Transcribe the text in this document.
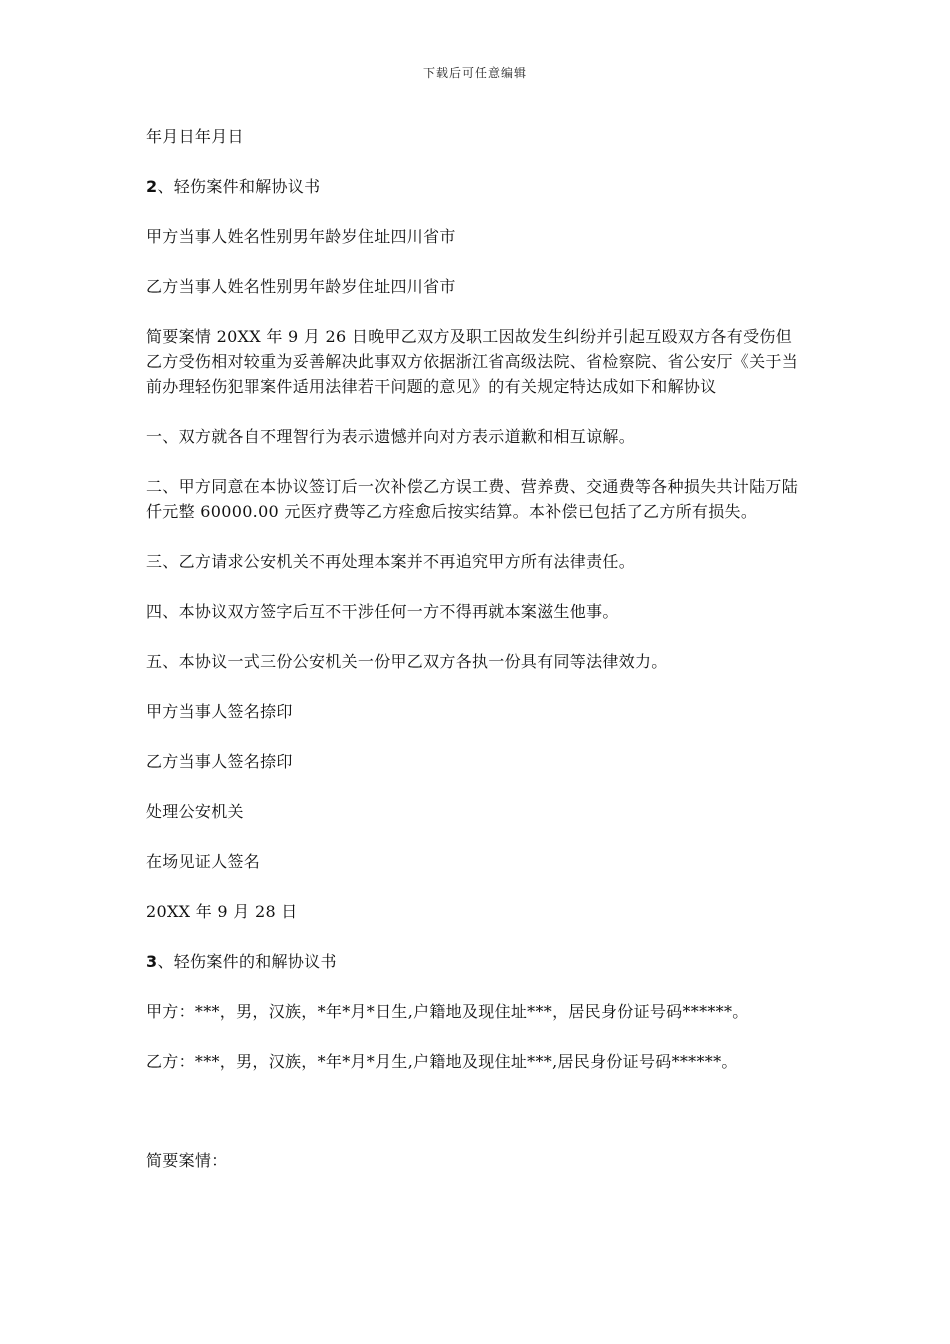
下载后可任意编辑

年月日年月日

2、轻伤案件和解协议书

甲方当事人姓名性别男年龄岁住址四川省市

乙方当事人姓名性别男年龄岁住址四川省市

简要案情 20XX 年 9 月 26 日晚甲乙双方及职工因故发生纠纷并引起互殴双方各有受伤但乙方受伤相对较重为妥善解决此事双方依据浙江省高级法院、省检察院、省公安厅《关于当前办理轻伤犯罪案件适用法律若干问题的意见》的有关规定特达成如下和解协议

一、双方就各自不理智行为表示遗憾并向对方表示道歉和相互谅解。

二、甲方同意在本协议签订后一次补偿乙方误工费、营养费、交通费等各种损失共计陆万陆仟元整 60000.00 元医疗费等乙方痊愈后按实结算。本补偿已包括了乙方所有损失。

三、乙方请求公安机关不再处理本案并不再追究甲方所有法律责任。

四、本协议双方签字后互不干涉任何一方不得再就本案滋生他事。

五、本协议一式三份公安机关一份甲乙双方各执一份具有同等法律效力。

甲方当事人签名捺印

乙方当事人签名捺印

处理公安机关

在场见证人签名

20XX 年 9 月 28 日

3、轻伤案件的和解协议书

甲方：***，男，汉族，*年*月*日生,户籍地及现住址***，居民身份证号码******。

乙方：***，男，汉族，*年*月*月生,户籍地及现住址***,居民身份证号码******。

简要案情：
